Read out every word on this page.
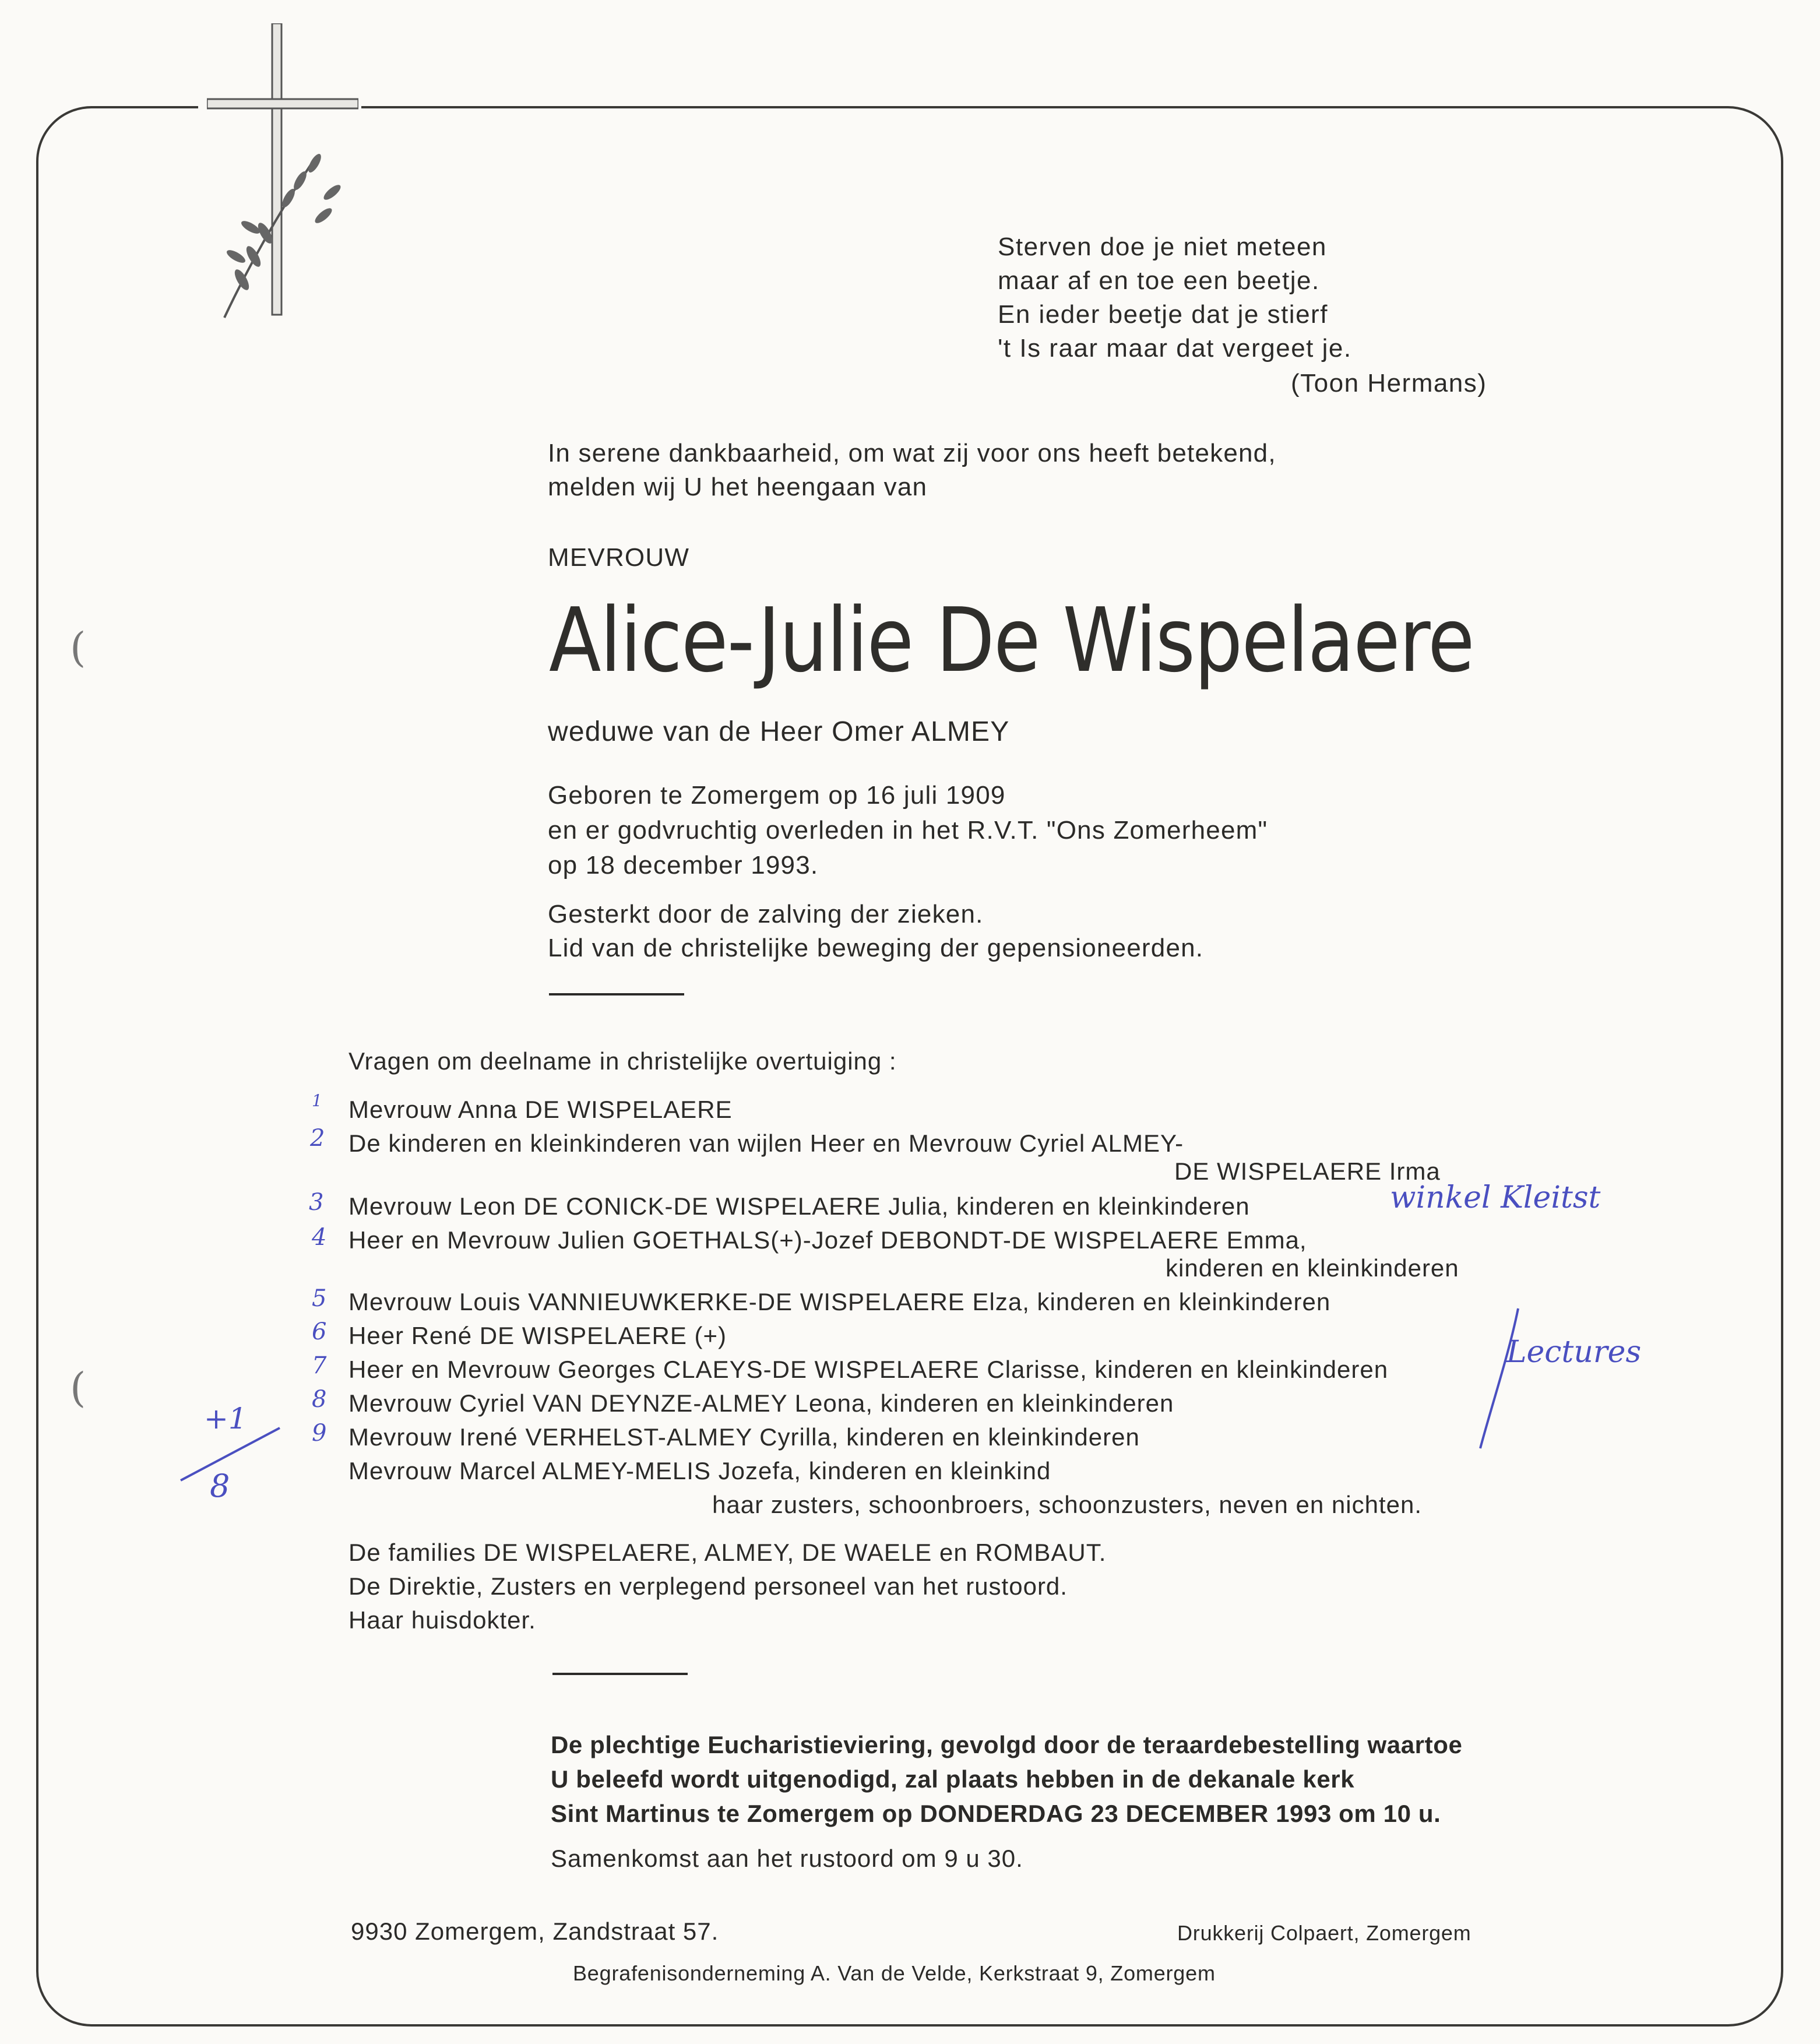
Sterven doe je niet meteen
maar af en toe een beetje.
En ieder beetje dat je stierf
't Is raar maar dat vergeet je.
(Toon Hermans)
In serene dankbaarheid, om wat zij voor ons heeft betekend,
melden wij U het heengaan van
MEVROUW
Alice-Julie De Wispelaere
weduwe van de Heer Omer ALMEY
Geboren te Zomergem op 16 juli 1909
en er godvruchtig overleden in het R.V.T. "Ons Zomerheem"
op 18 december 1993.
Gesterkt door de zalving der zieken.
Lid van de christelijke beweging der gepensioneerden.
Vragen om deelname in christelijke overtuiging :
Mevrouw Anna DE WISPELAERE
De kinderen en kleinkinderen van wijlen Heer en Mevrouw Cyriel ALMEY-
DE WISPELAERE Irma
Mevrouw Leon DE CONICK-DE WISPELAERE Julia, kinderen en kleinkinderen
Heer en Mevrouw Julien GOETHALS(+)-Jozef DEBONDT-DE WISPELAERE Emma,
kinderen en kleinkinderen
Mevrouw Louis VANNIEUWKERKE-DE WISPELAERE Elza, kinderen en kleinkinderen
Heer René DE WISPELAERE (+)
Heer en Mevrouw Georges CLAEYS-DE WISPELAERE Clarisse, kinderen en kleinkinderen
Mevrouw Cyriel VAN DEYNZE-ALMEY Leona, kinderen en kleinkinderen
Mevrouw Irené VERHELST-ALMEY Cyrilla, kinderen en kleinkinderen
Mevrouw Marcel ALMEY-MELIS Jozefa, kinderen en kleinkind
haar zusters, schoonbroers, schoonzusters, neven en nichten.
De families DE WISPELAERE, ALMEY, DE WAELE en ROMBAUT.
De Direktie, Zusters en verplegend personeel van het rustoord.
Haar huisdokter.
De plechtige Eucharistieviering, gevolgd door de teraardebestelling waartoe
U beleefd wordt uitgenodigd, zal plaats hebben in de dekanale kerk
Sint Martinus te Zomergem op DONDERDAG 23 DECEMBER 1993 om 10 u.
Samenkomst aan het rustoord om 9 u 30.
9930 Zomergem, Zandstraat 57.	Drukkerij Colpaert, Zomergem
Begrafenisonderneming A. Van de Velde, Kerkstraat 9, Zomergem
1
2
3
4
5
6
7
8
9
winkel Kleitst
Lectures
+1
8
(
(
